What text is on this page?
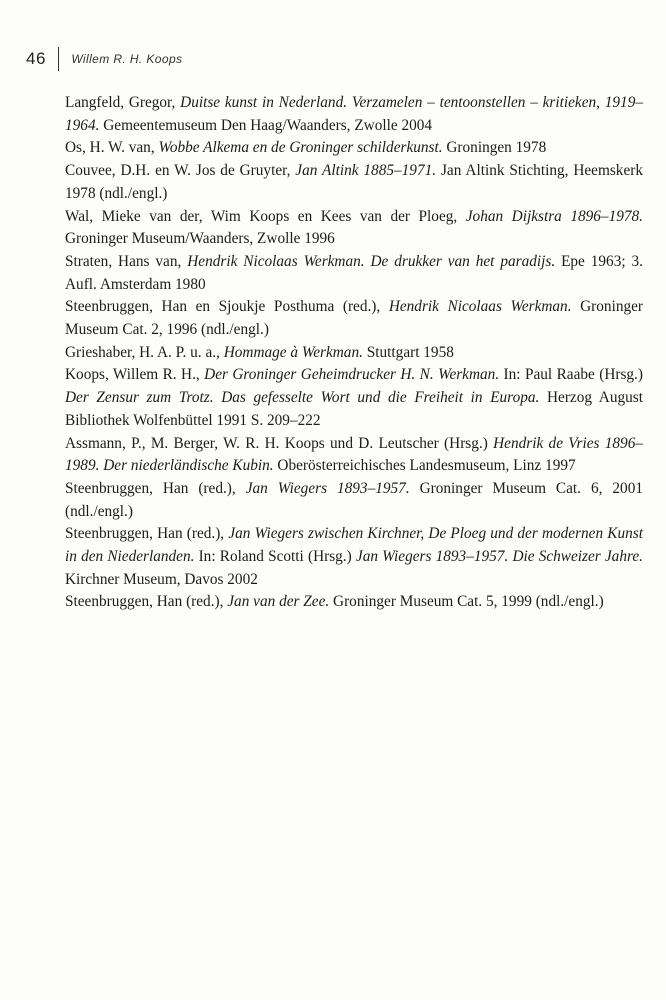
46 Willem R. H. Koops

Langfeld, Gregor, Duitse kunst in Nederland. Verzamelen – tentoonstellen – kritieken, 1919–1964. Gemeentemuseum Den Haag/Waanders, Zwolle 2004

Os, H. W. van, Wobbe Alkema en de Groninger schilderkunst. Groningen 1978

Couvee, D.H. en W. Jos de Gruyter, Jan Altink 1885–1971. Jan Altink Stichting, Heemskerk 1978 (ndl./engl.)

Wal, Mieke van der, Wim Koops en Kees van der Ploeg, Johan Dijkstra 1896–1978. Groninger Museum/Waanders, Zwolle 1996

Straten, Hans van, Hendrik Nicolaas Werkman. De drukker van het paradijs. Epe 1963; 3. Aufl. Amsterdam 1980

Steenbruggen, Han en Sjoukje Posthuma (red.), Hendrik Nicolaas Werkman. Groninger Museum Cat. 2, 1996 (ndl./engl.)

Grieshaber, H. A. P. u. a., Hommage à Werkman. Stuttgart 1958

Koops, Willem R. H., Der Groninger Geheimdrucker H. N. Werkman. In: Paul Raabe (Hrsg.) Der Zensur zum Trotz. Das gefesselte Wort und die Freiheit in Europa. Herzog August Bibliothek Wolfenbüttel 1991 S. 209–222

Assmann, P., M. Berger, W. R. H. Koops und D. Leutscher (Hrsg.) Hendrik de Vries 1896–1989. Der niederländische Kubin. Oberösterreichisches Landesmuseum, Linz 1997

Steenbruggen, Han (red.), Jan Wiegers 1893–1957. Groninger Museum Cat. 6, 2001 (ndl./engl.)

Steenbruggen, Han (red.), Jan Wiegers zwischen Kirchner, De Ploeg und der modernen Kunst in den Niederlanden. In: Roland Scotti (Hrsg.) Jan Wiegers 1893–1957. Die Schweizer Jahre. Kirchner Museum, Davos 2002

Steenbruggen, Han (red.), Jan van der Zee. Groninger Museum Cat. 5, 1999 (ndl./engl.)
